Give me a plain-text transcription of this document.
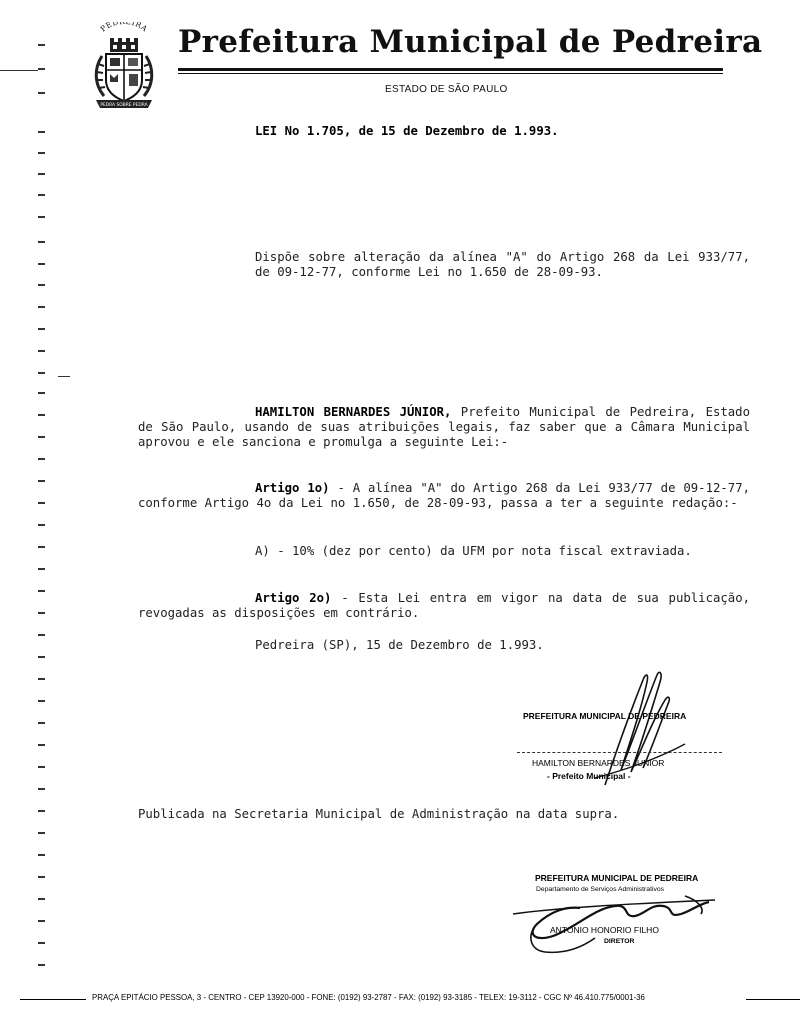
PED IRA
PEDRA SOBRE PEDRA
Prefeitura Municipal de Pedreira
ESTADO DE SÃO PAULO
LEI No 1.705, de 15 de Dezembro de 1.993.
Dispõe sobre alteração da alínea "A" do Artigo 268 da Lei 933/77, de 09-12-77, conforme Lei no 1.650 de 28-09-93.
HAMILTON BERNARDES JÚNIOR, Prefeito Municipal de Pedreira, Estado de São Paulo, usando de suas atribuições legais, faz saber que a Câmara Municipal aprovou e ele sanciona e promulga a seguinte Lei:-
Artigo 1o) - A alínea "A" do Artigo 268 da Lei 933/77 de 09-12-77, conforme Artigo 4o da Lei no 1.650, de 28-09-93, passa a ter a seguinte redação:-
A) - 10% (dez por cento) da UFM por nota fiscal extraviada.
Artigo 2o) - Esta Lei entra em vigor na data de sua publicação, revogadas as disposições em contrário.
Pedreira (SP), 15 de Dezembro de 1.993.
PREFEITURA MUNICIPAL DE PEDREIRA
HAMILTON BERNARDES JUNIOR
- Prefeito Municipal -
Publicada na Secretaria Municipal de Administração na data supra.
PREFEITURA MUNICIPAL DE PEDREIRA
Departamento de Serviços Administrativos
ANTONIO HONORIO FILHO
DIRETOR
PRAÇA EPITÁCIO PESSOA, 3 - CENTRO - CEP 13920-000 - FONE: (0192) 93-2787 - FAX: (0192) 93-3185 - TELEX: 19-3112 - CGC Nº 46.410.775/0001-36
